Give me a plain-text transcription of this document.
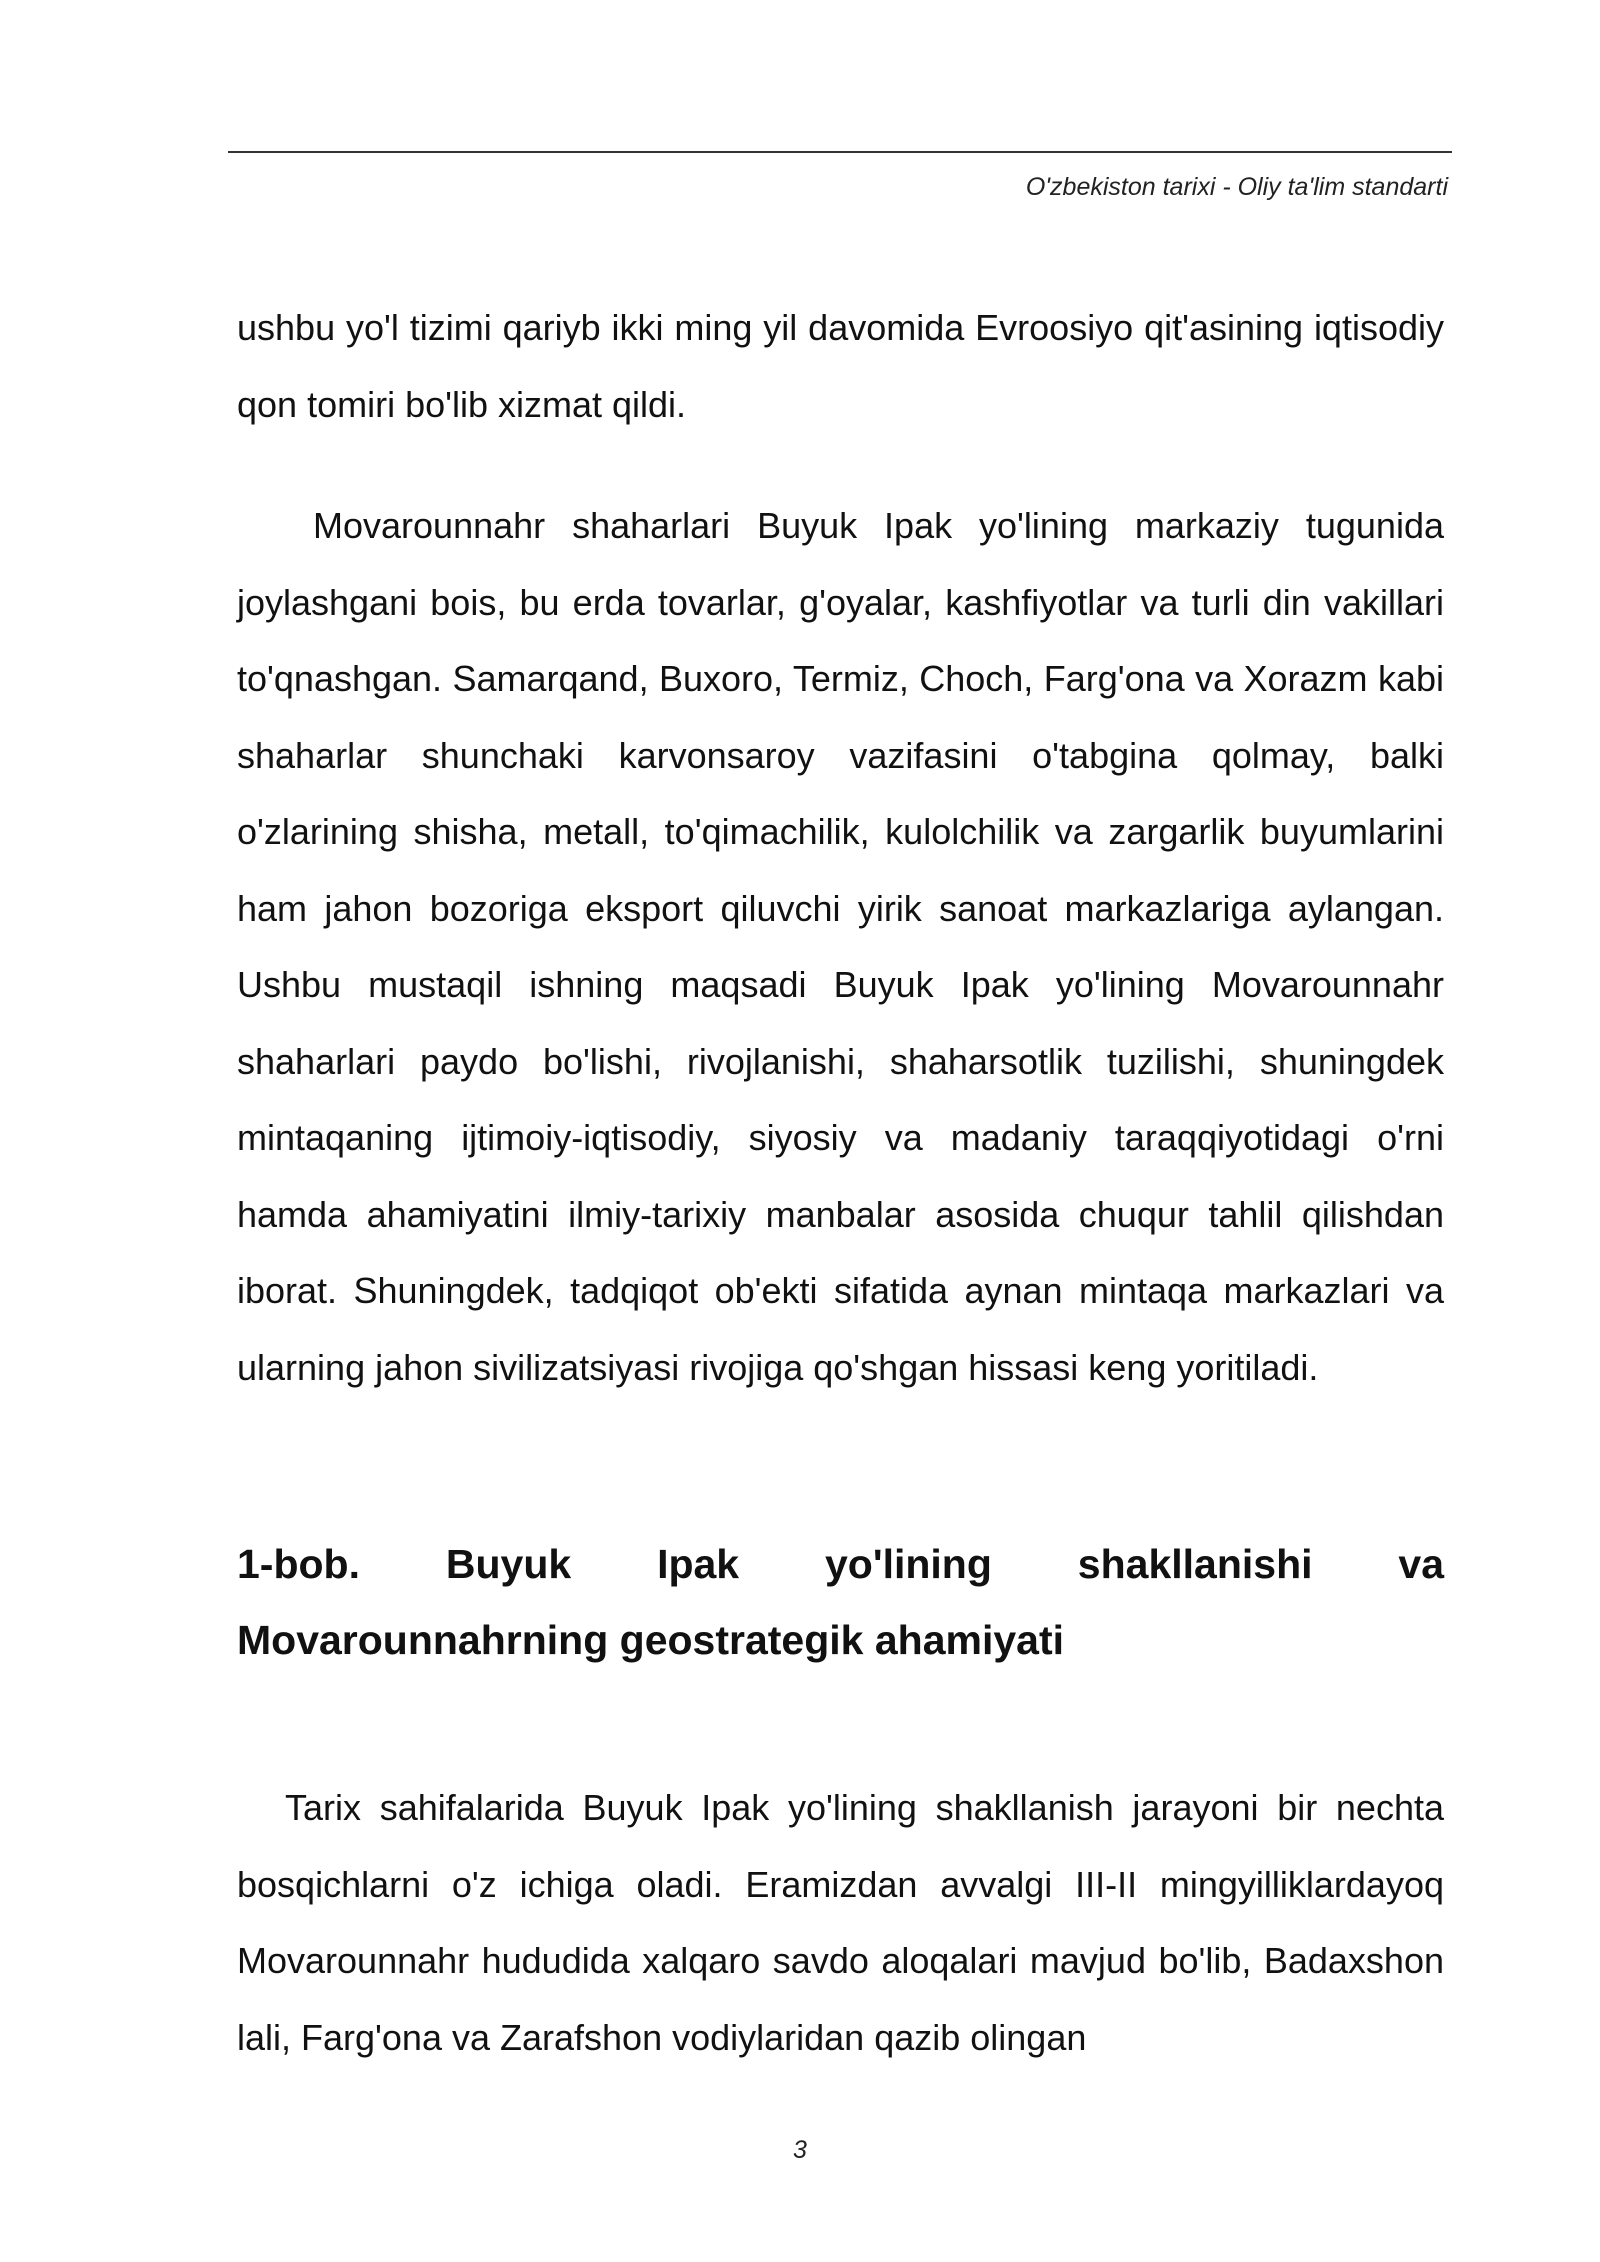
O'zbekiston tarixi - Oliy ta'lim standarti

ushbu yo'l tizimi qariyb ikki ming yil davomida Evroosiyo qit'asining iqtisodiy qon tomiri bo'lib xizmat qildi.

Movarounnahr shaharlari Buyuk Ipak yo'lining markaziy tugunida joylashgani bois, bu erda tovarlar, g'oyalar, kashfiyotlar va turli din vakillari to'qnashgan. Samarqand, Buxoro, Termiz, Choch, Farg'ona va Xorazm kabi shaharlar shunchaki karvonsaroy vazifasini o'tabgina qolmay, balki o'zlarining shisha, metall, to'qimachilik, kulolchilik va zargarlik buyumlarini ham jahon bozoriga eksport qiluvchi yirik sanoat markazlariga aylangan. Ushbu mustaqil ishning maqsadi Buyuk Ipak yo'lining Movarounnahr shaharlari paydo bo'lishi, rivojlanishi, shaharsotlik tuzilishi, shuningdek mintaqaning ijtimoiy-iqtisodiy, siyosiy va madaniy taraqqiyotidagi o'rni hamda ahamiyatini ilmiy-tarixiy manbalar asosida chuqur tahlil qilishdan iborat. Shuningdek, tadqiqot ob'ekti sifatida aynan mintaqa markazlari va ularning jahon sivilizatsiyasi rivojiga qo'shgan hissasi keng yoritiladi.

1-bob. Buyuk Ipak yo'lining shakllanishi va Movarounnahrning geostrategik ahamiyati

Tarix sahifalarida Buyuk Ipak yo'lining shakllanish jarayoni bir nechta bosqichlarni o'z ichiga oladi. Eramizdan avvalgi III-II mingyilliklardayoq Movarounnahr hududida xalqaro savdo aloqalari mavjud bo'lib, Badaxshon lali, Farg'ona va Zarafshon vodiylaridan qazib olingan

3
